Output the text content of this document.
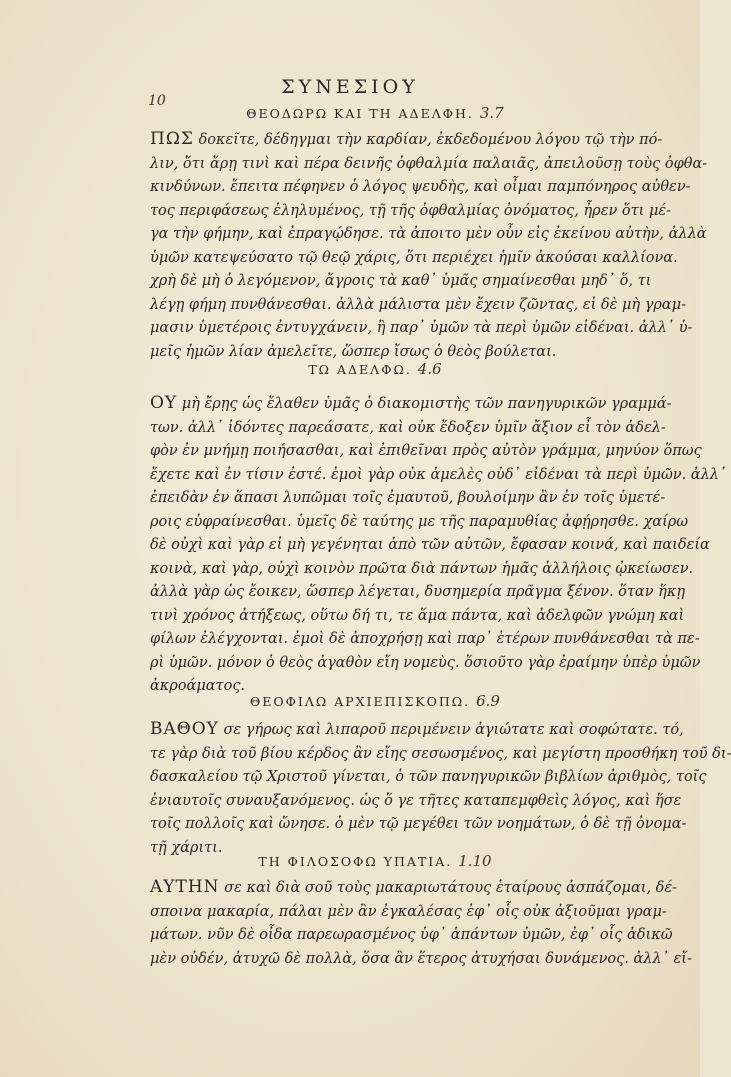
ΣΥΝΕΣΙΟΥ
10
ΘΕΟΔΩΡΩ ΚΑΙ ΤΗ ΑΔΕΛΦΗ. 3.7
ΠΩΣ δοκεῖτε, δέδηγμαι τὴν καρδίαν, ἐκδεδομένου λόγου τῷ τὴν πό-
λιν, ὅτι ἄρῃ τινὶ καὶ πέρα δεινῆς ὀφθαλμία παλαιᾶς, ἀπειλοῦσῃ τοὺς ὀφθα-
κινδύνων. ἔπειτα πέφηνεν ὁ λόγος ψευδὴς, καὶ οἶμαι παμπόνηρος αὐθεν-
τος περιφάσεως ἐληλυμένος, τῇ τῆς ὀφθαλμίας ὀνόματος, ἦρεν ὅτι μέ-
γα τὴν φήμην, καὶ ἐπραγῴδησε. τὰ ἀποιτο μὲν οὖν εἰς ἐκείνου αὐτὴν, ἀλλὰ
ὑμῶν κατεψεύσατο τῷ θεῷ χάρις, ὅτι περιέχει ἡμῖν ἀκούσαι καλλίονα.
χρὴ δὲ μὴ ὁ λεγόμενον, ἄγροις τὰ καθ᾽ ὑμᾶς σημαίνεσθαι μηδ᾽ ὅ, τι
λέγῃ φήμη πυνθάνεσθαι. ἀλλὰ μάλιστα μὲν ἔχειν ζῶντας, εἰ δὲ μὴ γραμ-
μασιν ὑμετέροις ἐντυγχάνειν, ἢ παρ᾽ ὑμῶν τὰ περὶ ὑμῶν εἰδέναι. ἀλλ᾽ ὑ-
μεῖς ἡμῶν λίαν ἀμελεῖτε, ὥσπερ ἴσως ὁ θεὸς βούλεται.
ΤΩ ΑΔΕΛΦΩ. 4.6
ΟΥ μὴ ἔρῃς ὡς ἔλαθεν ὑμᾶς ὁ διακομιστὴς τῶν πανηγυρικῶν γραμμά-
των. ἀλλ᾽ ἰδόντες παρεάσατε, καὶ οὐκ ἔδοξεν ὑμῖν ἄξιον εἶ τὸν ἀδελ-
φὸν ἐν μνήμῃ ποιήσασθαι, καὶ ἐπιθεῖναι πρὸς αὐτὸν γράμμα, μηνύον ὅπως
ἔχετε καὶ ἐν τίσιν ἐστέ. ἐμοὶ γὰρ οὐκ ἀμελὲς οὐδ᾽ εἰδέναι τὰ περὶ ὑμῶν. ἀλλ᾽
ἐπειδὰν ἐν ἅπασι λυπῶμαι τοῖς ἐμαυτοῦ, βουλοίμην ἂν ἐν τοῖς ὑμετέ-
ροις εὐφραίνεσθαι. ὑμεῖς δὲ ταύτης με τῆς παραμυθίας ἀφῄρησθε. χαίρω
δὲ οὐχὶ καὶ γὰρ εἰ μὴ γεγένηται ἀπὸ τῶν αὐτῶν, ἔφασαν κοινά, καὶ παιδεία
κοινὰ, καὶ γὰρ, οὐχὶ κοινὸν πρῶτα διὰ πάντων ἡμᾶς ἀλλήλοις ᾠκείωσεν.
ἀλλὰ γὰρ ὡς ἔοικεν, ὥσπερ λέγεται, δυσημερία πρᾶγμα ξένον. ὅταν ἥκῃ
τινὶ χρόνος ἀτήξεως, οὕτω δή τι, τε ἅμα πάντα, καὶ ἀδελφῶν γνώμη καὶ
φίλων ἐλέγχονται. ἐμοὶ δὲ ἀποχρήσῃ καὶ παρ᾽ ἑτέρων πυνθάνεσθαι τὰ πε-
ρὶ ὑμῶν. μόνον ὁ θεὸς ἀγαθὸν εἴη νομεὺς. ὅσιοῦτο γὰρ ἐραίμην ὑπὲρ ὑμῶν
ἀκροάματος.
ΘΕΟΦΙΛΩ ΑΡΧΙΕΠΙΣΚΟΠΩ. 6.9
ΒΑΘΟΥ σε γήρως καὶ λιπαροῦ περιμένειν ἁγιώτατε καὶ σοφώτατε. τό,
τε γὰρ διὰ τοῦ βίου κέρδος ἂν εἴης σεσωσμένος, καὶ μεγίστη προσθήκη τοῦ δι-
δασκαλείου τῷ Χριστοῦ γίνεται, ὁ τῶν πανηγυρικῶν βιβλίων ἀριθμὸς, τοῖς
ἐνιαυτοῖς συναυξανόμενος. ὡς ὅ γε τῆτες καταπεμφθεὶς λόγος, καὶ ἥσε
τοῖς πολλοῖς καὶ ὤνησε. ὁ μὲν τῷ μεγέθει τῶν νοημάτων, ὁ δὲ τῇ ὀνομα-
τῇ χάριτι.
ΤΗ ΦΙΛΟΣΟΦΩ ΥΠΑΤΙΑ. 1.10
ΑΥΤΗΝ σε καὶ διὰ σοῦ τοὺς μακαριωτάτους ἑταίρους ἀσπάζομαι, δέ-
σποινα μακαρία, πάλαι μὲν ἂν ἐγκαλέσας ἐφ᾽ οἷς οὐκ ἀξιοῦμαι γραμ-
μάτων. νῦν δὲ οἶδα παρεωρασμένος ὑφ᾽ ἁπάντων ὑμῶν, ἐφ᾽ οἷς ἀδικῶ
μὲν οὐδέν, ἀτυχῶ δὲ πολλὰ, ὅσα ἂν ἕτερος ἀτυχήσαι δυνάμενος. ἀλλ᾽ εἴ-
